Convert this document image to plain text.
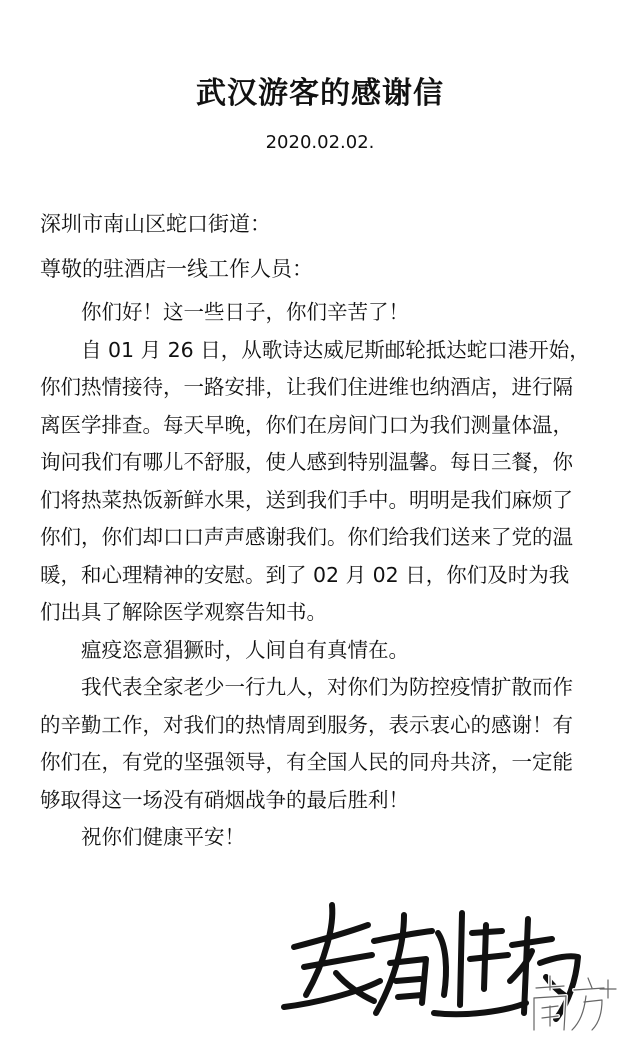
武汉游客的感谢信
2020.02.02.
深圳市南山区蛇口街道：
尊敬的驻酒店一线工作人员：
你们好！这一些日子，你们辛苦了！
自 01 月 26 日，从歌诗达威尼斯邮轮抵达蛇口港开始，
你们热情接待，一路安排，让我们住进维也纳酒店，进行隔
离医学排查。每天早晚，你们在房间门口为我们测量体温，
询问我们有哪儿不舒服，使人感到特别温馨。每日三餐，你
们将热菜热饭新鲜水果，送到我们手中。明明是我们麻烦了
你们，你们却口口声声感谢我们。你们给我们送来了党的温
暖，和心理精神的安慰。到了 02 月 02 日，你们及时为我
们出具了解除医学观察告知书。
瘟疫恣意猖獗时，人间自有真情在。
我代表全家老少一行九人，对你们为防控疫情扩散而作
的辛勤工作，对我们的热情周到服务，表示衷心的感谢！有
你们在，有党的坚强领导，有全国人民的同舟共济，一定能
够取得这一场没有硝烟战争的最后胜利！
祝你们健康平安！
